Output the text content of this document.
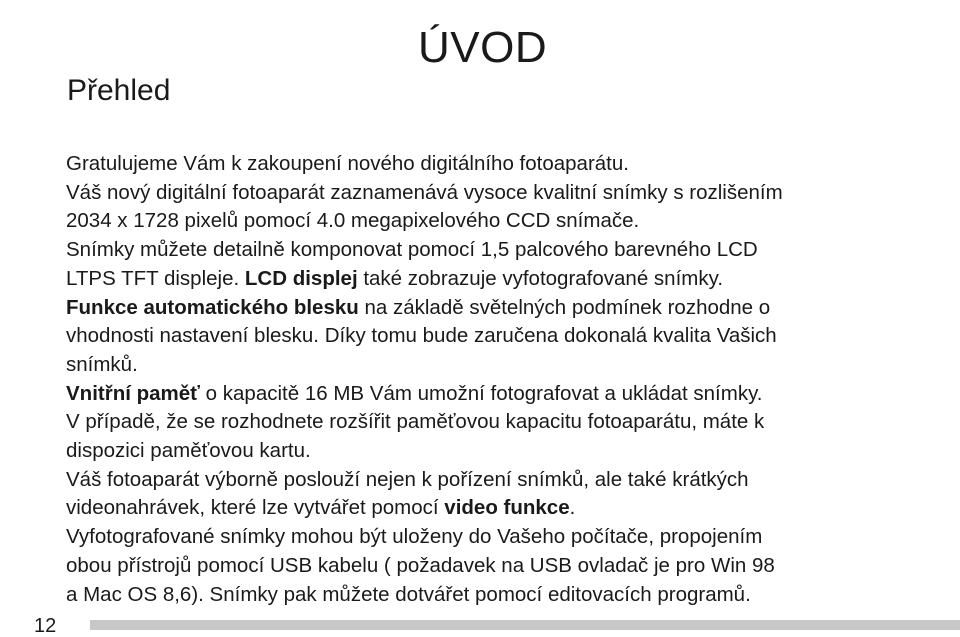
ÚVOD
Přehled

Gratulujeme Vám k zakoupení nového digitálního fotoaparátu.

Váš nový digitální fotoaparát zaznamenává vysoce kvalitní snímky s rozlišením

2034 x 1728 pixelů pomocí 4.0 megapixelového CCD snímače.

Snímky můžete detailně komponovat pomocí 1,5 palcového barevného LCD

LTPS TFT displeje. LCD displej také zobrazuje vyfotografované snímky.

Funkce automatického blesku na základě světelných podmínek rozhodne o

vhodnosti nastavení blesku. Díky tomu bude zaručena dokonalá kvalita Vašich

snímků.

Vnitřní paměť o kapacitě 16 MB Vám umožní fotografovat a ukládat snímky.

V případě, že se rozhodnete rozšířit paměťovou kapacitu fotoaparátu, máte k

dispozici paměťovou kartu.

Váš fotoaparát výborně poslouží nejen k pořízení snímků, ale také krátkých

videonahrávek, které lze vytvářet pomocí video funkce.

Vyfotografované snímky mohou být uloženy do Vašeho počítače, propojením

obou přístrojů pomocí USB kabelu ( požadavek na USB ovladač je pro Win 98

a Mac OS 8,6). Snímky pak můžete dotvářet pomocí editovacích programů.

12
